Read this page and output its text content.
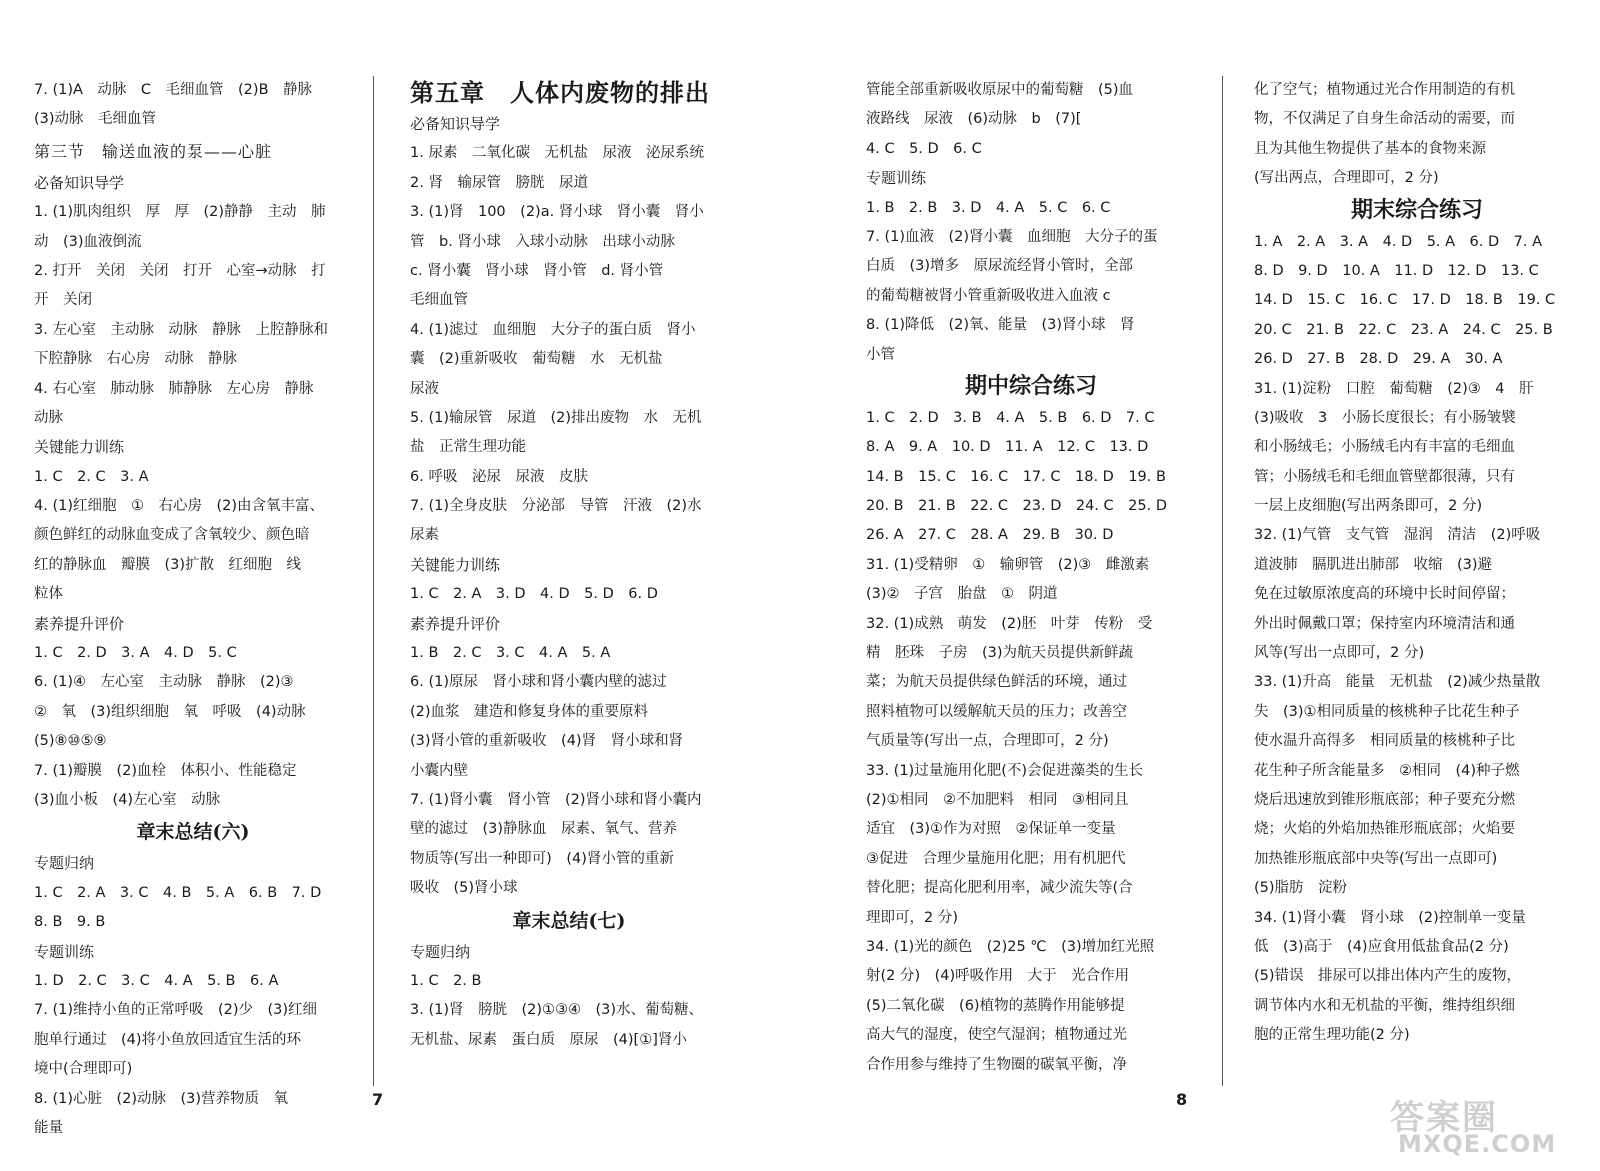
7. (1)A　动脉　C　毛细血管　(2)B　静脉
(3)动脉　毛细血管
第三节　输送血液的泵——心脏
必备知识导学
1. (1)肌肉组织　厚　厚　(2)静静　主动　肺
动　(3)血液倒流
2. 打开　关闭　关闭　打开　心室→动脉　打
开　关闭
3. 左心室　主动脉　动脉　静脉　上腔静脉和
下腔静脉　右心房　动脉　静脉
4. 右心室　肺动脉　肺静脉　左心房　静脉
动脉
关键能力训练
1. C　2. C　3. A
4. (1)红细胞　①　右心房　(2)由含氧丰富、
颜色鲜红的动脉血变成了含氧较少、颜色暗
红的静脉血　瓣膜　(3)扩散　红细胞　线
粒体
素养提升评价
1. C　2. D　3. A　4. D　5. C
6. (1)④　左心室　主动脉　静脉　(2)③
②　氧　(3)组织细胞　氧　呼吸　(4)动脉
(5)⑧⑩⑤⑨
7. (1)瓣膜　(2)血栓　体积小、性能稳定
(3)血小板　(4)左心室　动脉
章末总结(六)
专题归纳
1. C　2. A　3. C　4. B　5. A　6. B　7. D
8. B　9. B
专题训练
1. D　2. C　3. C　4. A　5. B　6. A
7. (1)维持小鱼的正常呼吸　(2)少　(3)红细
胞单行通过　(4)将小鱼放回适宜生活的环
境中(合理即可)
8. (1)心脏　(2)动脉　(3)营养物质　氧
能量
第五章　人体内废物的排出
必备知识导学
1. 尿素　二氧化碳　无机盐　尿液　泌尿系统
2. 肾　输尿管　膀胱　尿道
3. (1)肾　100　(2)a. 肾小球　肾小囊　肾小
管　b. 肾小球　入球小动脉　出球小动脉
c. 肾小囊　肾小球　肾小管　d. 肾小管
毛细血管
4. (1)滤过　血细胞　大分子的蛋白质　肾小
囊　(2)重新吸收　葡萄糖　水　无机盐
尿液
5. (1)输尿管　尿道　(2)排出废物　水　无机
盐　正常生理功能
6. 呼吸　泌尿　尿液　皮肤
7. (1)全身皮肤　分泌部　导管　汗液　(2)水
尿素
关键能力训练
1. C　2. A　3. D　4. D　5. D　6. D
素养提升评价
1. B　2. C　3. C　4. A　5. A
6. (1)原尿　肾小球和肾小囊内壁的滤过
(2)血浆　建造和修复身体的重要原料
(3)肾小管的重新吸收　(4)肾　肾小球和肾
小囊内壁
7. (1)肾小囊　肾小管　(2)肾小球和肾小囊内
壁的滤过　(3)静脉血　尿素、氧气、营养
物质等(写出一种即可)　(4)肾小管的重新
吸收　(5)肾小球
章末总结(七)
专题归纳
1. C　2. B
3. (1)肾　膀胱　(2)①③④　(3)水、葡萄糖、
无机盐、尿素　蛋白质　原尿　(4)[①]肾小
管能全部重新吸收原尿中的葡萄糖　(5)血
液路线　尿液　(6)动脉　b　(7)[
4. C　5. D　6. C
专题训练
1. B　2. B　3. D　4. A　5. C　6. C
7. (1)血液　(2)肾小囊　血细胞　大分子的蛋
白质　(3)增多　原尿流经肾小管时，全部
的葡萄糖被肾小管重新吸收进入血液 c
8. (1)降低　(2)氧、能量　(3)肾小球　肾
小管
期中综合练习
1. C　2. D　3. B　4. A　5. B　6. D　7. C
8. A　9. A　10. D　11. A　12. C　13. D
14. B　15. C　16. C　17. C　18. D　19. B
20. B　21. B　22. C　23. D　24. C　25. D
26. A　27. C　28. A　29. B　30. D
31. (1)受精卵　①　输卵管　(2)③　雌激素
(3)②　子宫　胎盘　①　阴道
32. (1)成熟　萌发　(2)胚　叶芽　传粉　受
精　胚珠　子房　(3)为航天员提供新鲜蔬
菜；为航天员提供绿色鲜活的环境，通过
照料植物可以缓解航天员的压力；改善空
气质量等(写出一点，合理即可，2 分)
33. (1)过量施用化肥(不)会促进藻类的生长
(2)①相同　②不加肥料　相同　③相同且
适宜　(3)①作为对照　②保证单一变量
③促进　合理少量施用化肥；用有机肥代
替化肥；提高化肥利用率，减少流失等(合
理即可，2 分)
34. (1)光的颜色　(2)25 ℃　(3)增加红光照
射(2 分)　(4)呼吸作用　大于　光合作用
(5)二氧化碳　(6)植物的蒸腾作用能够提
高大气的湿度，使空气湿润；植物通过光
合作用参与维持了生物圈的碳氧平衡，净
化了空气；植物通过光合作用制造的有机
物，不仅满足了自身生命活动的需要，而
且为其他生物提供了基本的食物来源
(写出两点，合理即可，2 分)
期末综合练习
1. A　2. A　3. A　4. D　5. A　6. D　7. A
8. D　9. D　10. A　11. D　12. D　13. C
14. D　15. C　16. C　17. D　18. B　19. C
20. C　21. B　22. C　23. A　24. C　25. B
26. D　27. B　28. D　29. A　30. A
31. (1)淀粉　口腔　葡萄糖　(2)③　4　肝
(3)吸收　3　小肠长度很长；有小肠皱襞
和小肠绒毛；小肠绒毛内有丰富的毛细血
管；小肠绒毛和毛细血管壁都很薄，只有
一层上皮细胞(写出两条即可，2 分)
32. (1)气管　支气管　湿润　清洁　(2)呼吸
道波肺　膈肌进出肺部　收缩　(3)避
免在过敏原浓度高的环境中长时间停留；
外出时佩戴口罩；保持室内环境清洁和通
风等(写出一点即可，2 分)
33. (1)升高　能量　无机盐　(2)减少热量散
失　(3)①相同质量的核桃种子比花生种子
使水温升高得多　相同质量的核桃种子比
花生种子所含能量多　②相同　(4)种子燃
烧后迅速放到锥形瓶底部；种子要充分燃
烧；火焰的外焰加热锥形瓶底部；火焰要
加热锥形瓶底部中央等(写出一点即可)
(5)脂肪　淀粉
34. (1)肾小囊　肾小球　(2)控制单一变量
低　(3)高于　(4)应食用低盐食品(2 分)
(5)错误　排尿可以排出体内产生的废物，
调节体内水和无机盐的平衡，维持组织细
胞的正常生理功能(2 分)
7	8	答案圈
MXQE.COM
